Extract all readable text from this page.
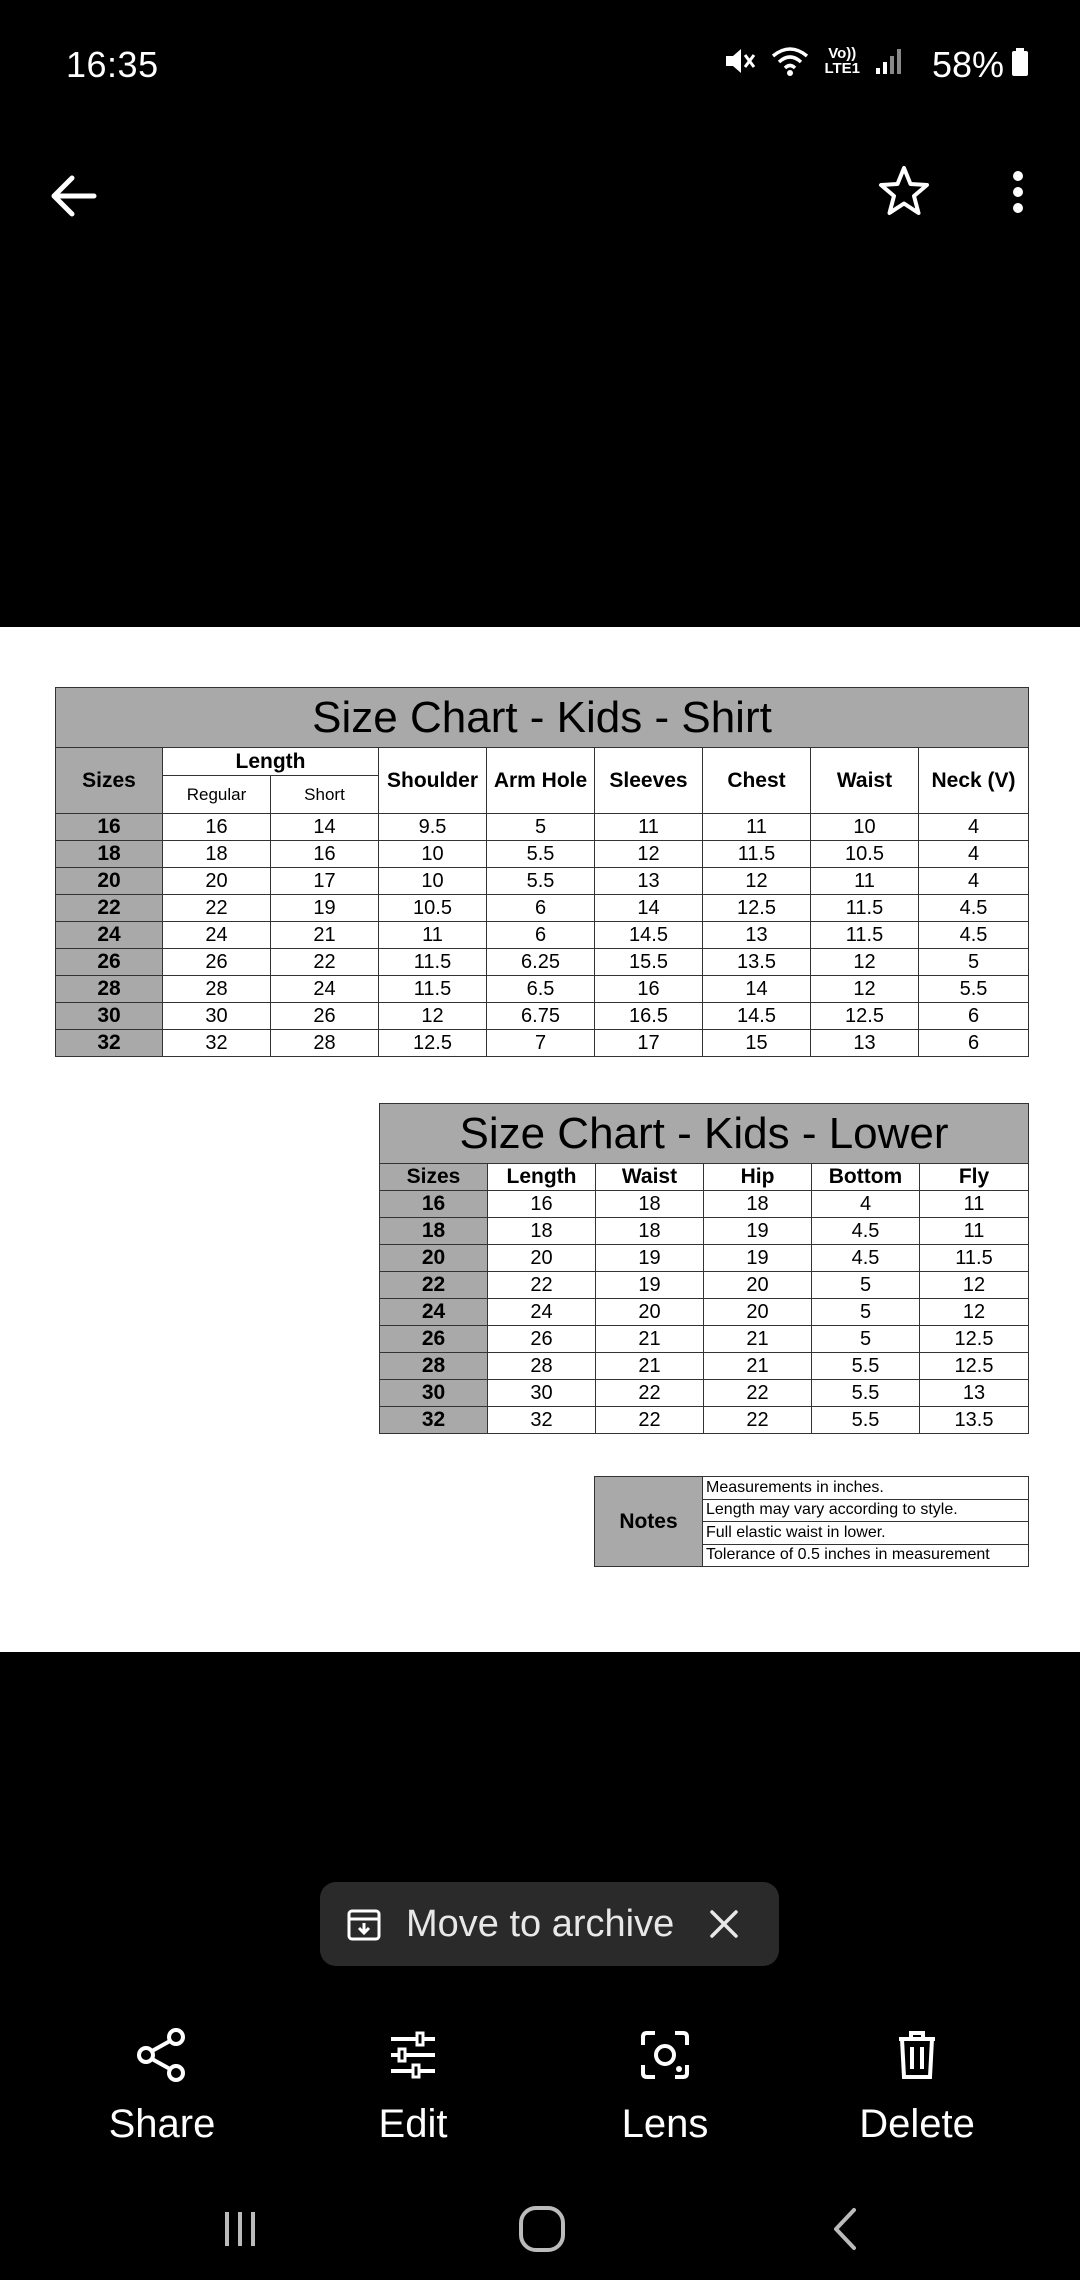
16:35	Vo))
LTE1 58%
Size Chart - Kids - Shirt								
Sizes	Length		Shoulder	Arm Hole	Sleeves	Chest	Waist	Neck (V)
	Regular	Short						
16	16	14	9.5	5	11	11	10	4
18	18	16	10	5.5	12	11.5	10.5	4
20	20	17	10	5.5	13	12	11	4
22	22	19	10.5	6	14	12.5	11.5	4.5
24	24	21	11	6	14.5	13	11.5	4.5
26	26	22	11.5	6.25	15.5	13.5	12	5
28	28	24	11.5	6.5	16	14	12	5.5
30	30	26	12	6.75	16.5	14.5	12.5	6
32	32	28	12.5	7	17	15	13	6
Size Chart - Kids - Lower					
Sizes	Length	Waist	Hip	Bottom	Fly
16	16	18	18	4	11
18	18	18	19	4.5	11
20	20	19	19	4.5	11.5
22	22	19	20	5	12
24	24	20	20	5	12
26	26	21	21	5	12.5
28	28	21	21	5.5	12.5
30	30	22	22	5.5	13
32	32	22	22	5.5	13.5
Notes	Measurements in inches.
Length may vary according to style.
Full elastic waist in lower.
Tolerance of 0.5 inches in measurement
Move to archive
Share	Edit	Lens	Delete
